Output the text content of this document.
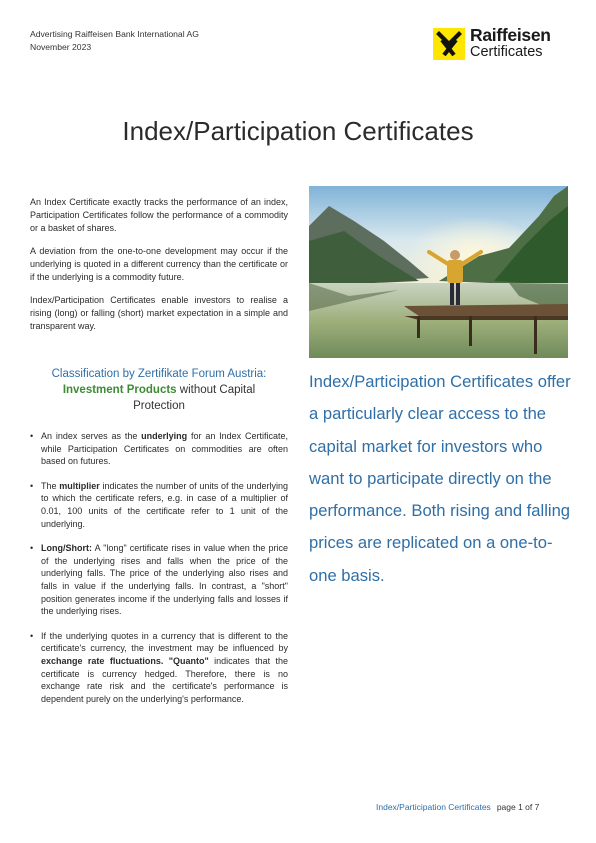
Advertising Raiffeisen Bank International AG
November 2023
Raiffeisen
Certificates
Index/Participation Certificates

An Index Certificate exactly tracks the performance of an index, Participation Certificates follow the performance of a commodity or a basket of shares.

A deviation from the one-to-one development may occur if the underlying is quoted in a different currency than the certificate or if the underlying is a commodity future.

Index/Participation Certificates enable investors to realise a rising (long) or falling (short) market expectation in a simple and transparent way.

Classification by Zertifikate Forum Austria:
Investment Products without Capital
Protection
• An index serves as the underlying for an Index Certificate, while Participation Certificates on commodities are often based on futures.
• The multiplier indicates the number of units of the underlying to which the certificate refers, e.g. in case of a multiplier of 0.01, 100 units of the certificate refer to 1 unit of the underlying.
• Long/Short: A "long" certificate rises in value when the price of the underlying rises and falls when the price of the underlying falls. The price of the underlying also rises and falls in value if the underlying falls. In contrast, a "short" position generates income if the underlying falls and losses if the underlying rises.
• If the underlying quotes in a currency that is different to the certificate's currency, the investment may be influenced by exchange rate fluctuations. "Quanto" indicates that the certificate is currency hedged. Therefore, there is no exchange rate risk and the certificate's performance is dependent purely on the underlying's performance.
Index/Participation Certificates offer a particularly clear access to the capital market for investors who want to participate directly on the performance. Both rising and falling prices are replicated on a one-to-one basis.
Index/Participation Certificates page 1 of 7
